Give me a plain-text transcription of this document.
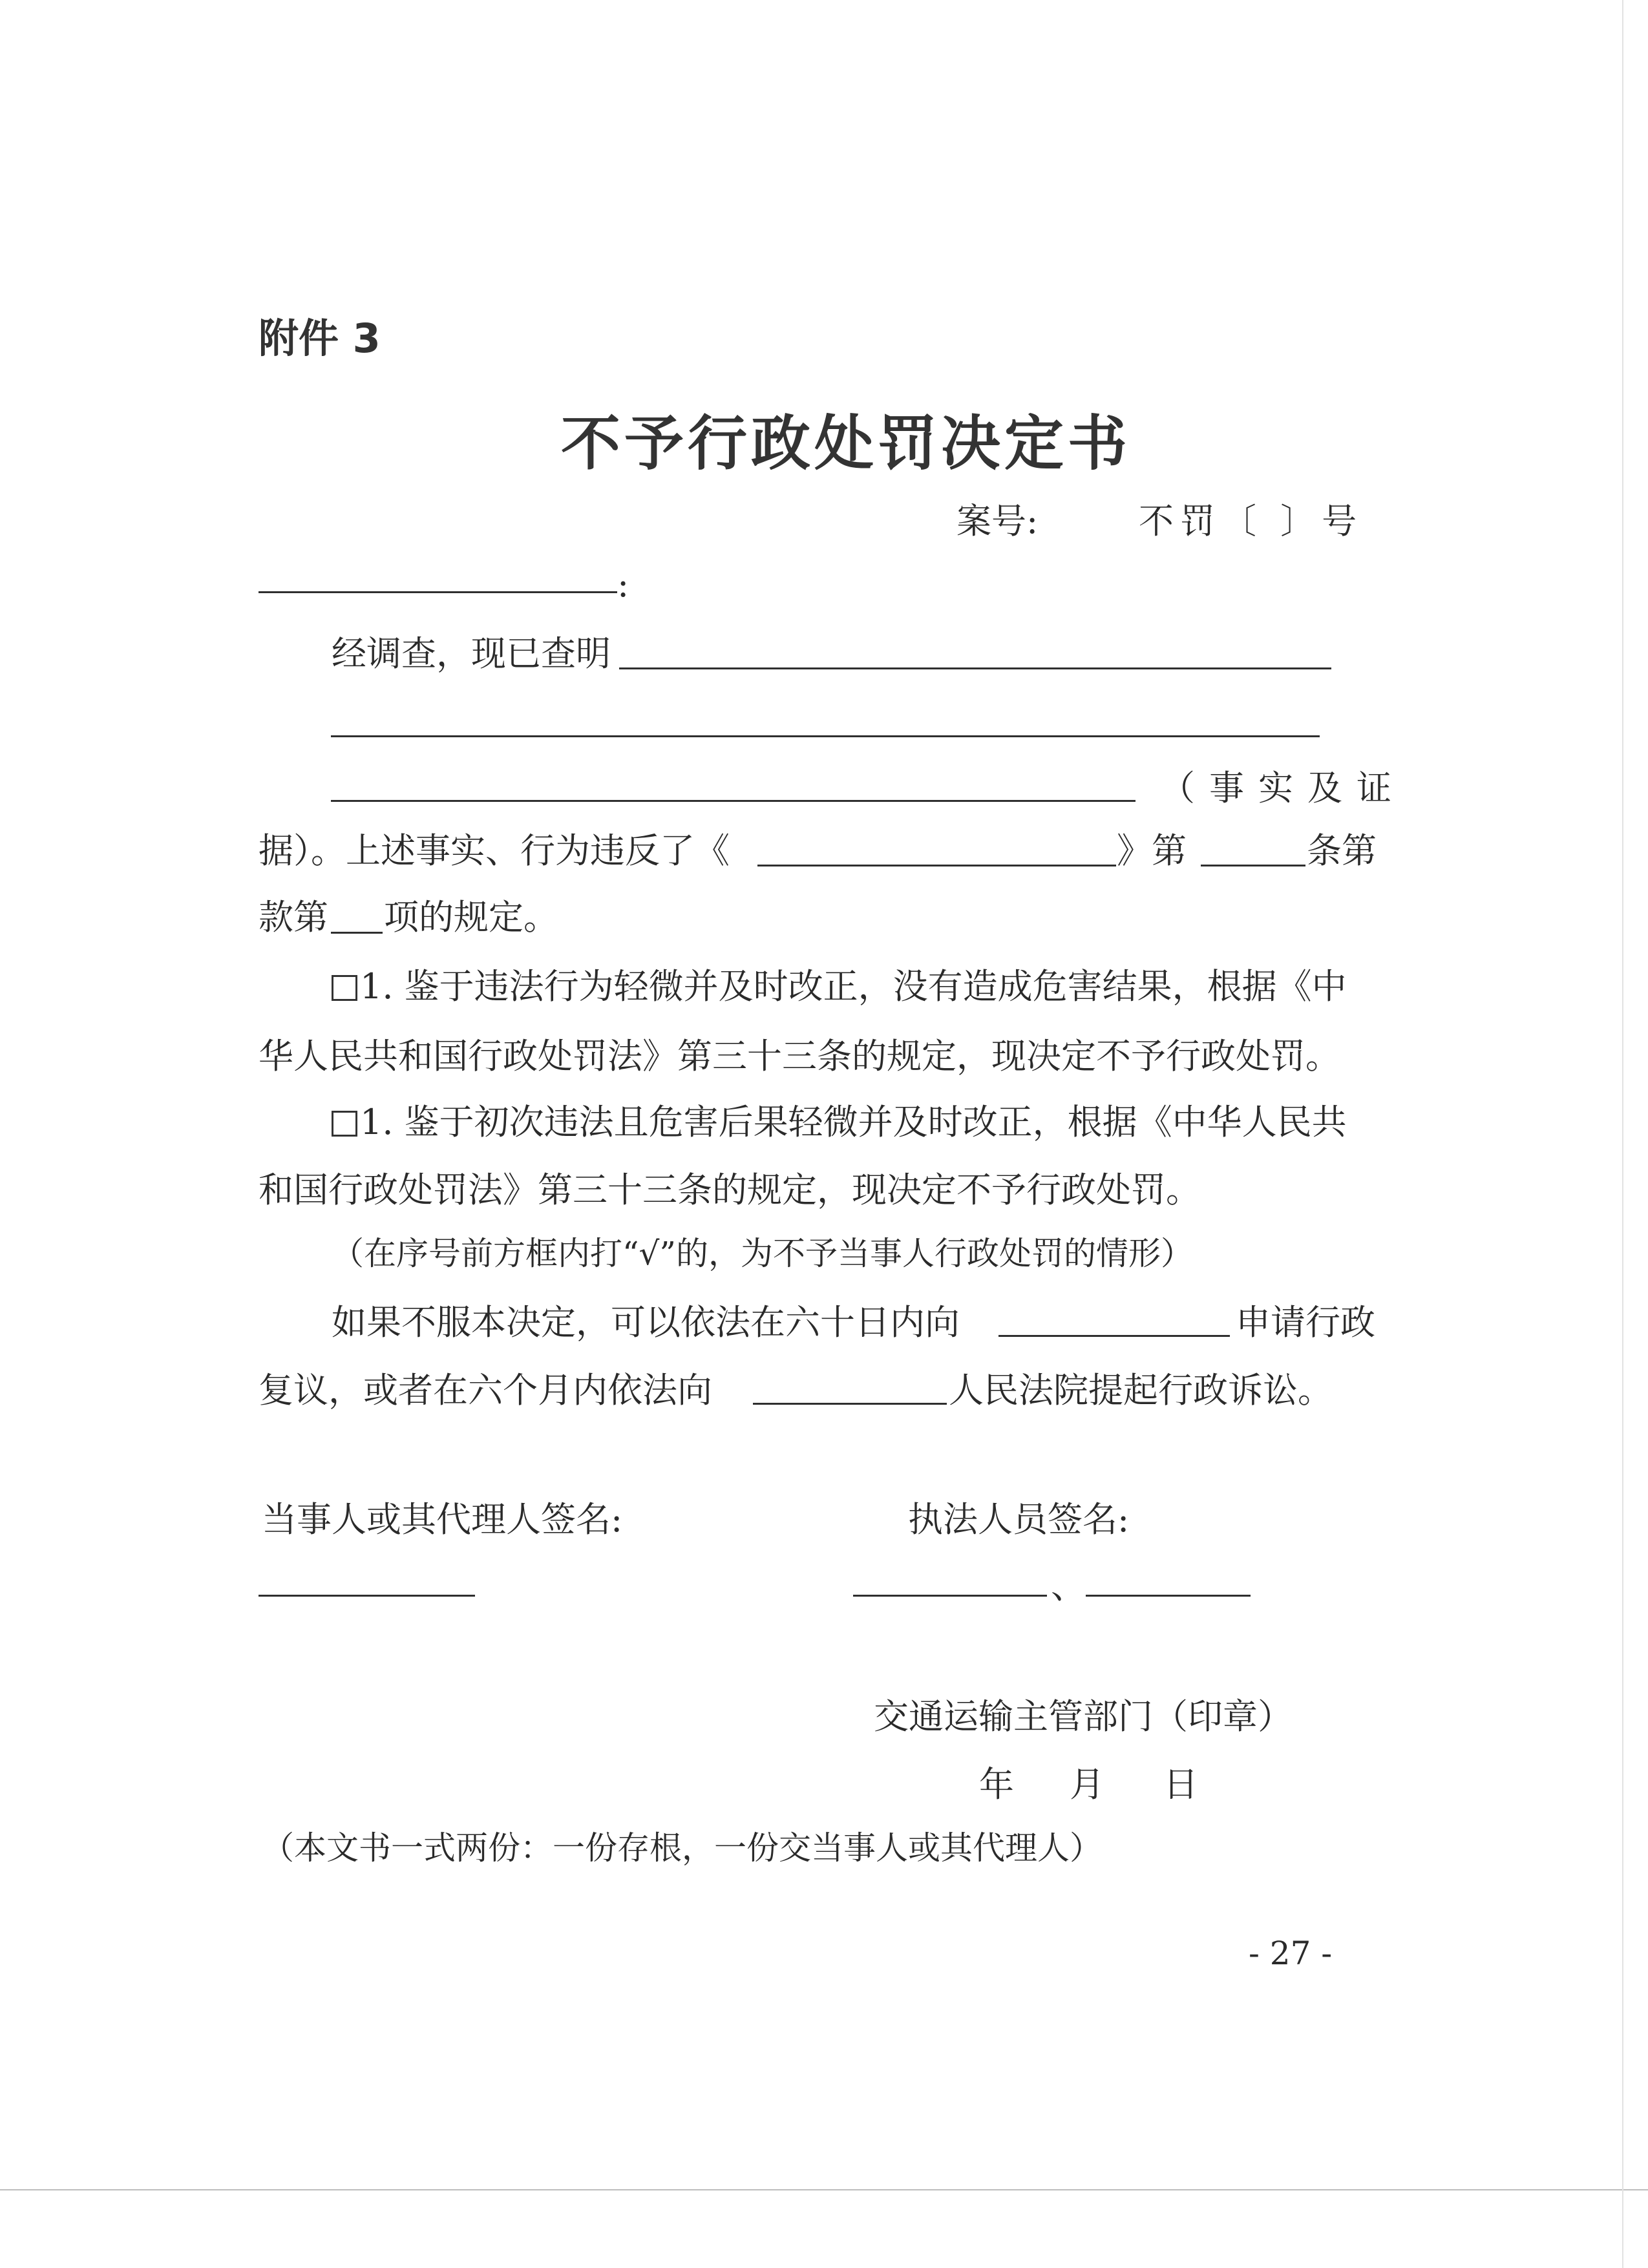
附件 3
不予行政处罚决定书
案号:	不罚〔 〕号
:
经调查，现已查明
（事实及证
据）。上述事实、行为违反了《	》第	条第
款第 项的规定。
1. 鉴于违法行为轻微并及时改正，没有造成危害结果，根据《中
华人民共和国行政处罚法》第三十三条的规定，现决定不予行政处罚。
1. 鉴于初次违法且危害后果轻微并及时改正，根据《中华人民共
和国行政处罚法》第三十三条的规定，现决定不予行政处罚。
（在序号前方框内打“√”的，为不予当事人行政处罚的情形）
如果不服本决定，可以依法在六十日内向	申请行政
复议，或者在六个月内依法向	人民法院提起行政诉讼。
当事人或其代理人签名:	执法人员签名:
、
交通运输主管部门（印章）
年 月 日
（本文书一式两份：一份存根，一份交当事人或其代理人）
- 27 -
